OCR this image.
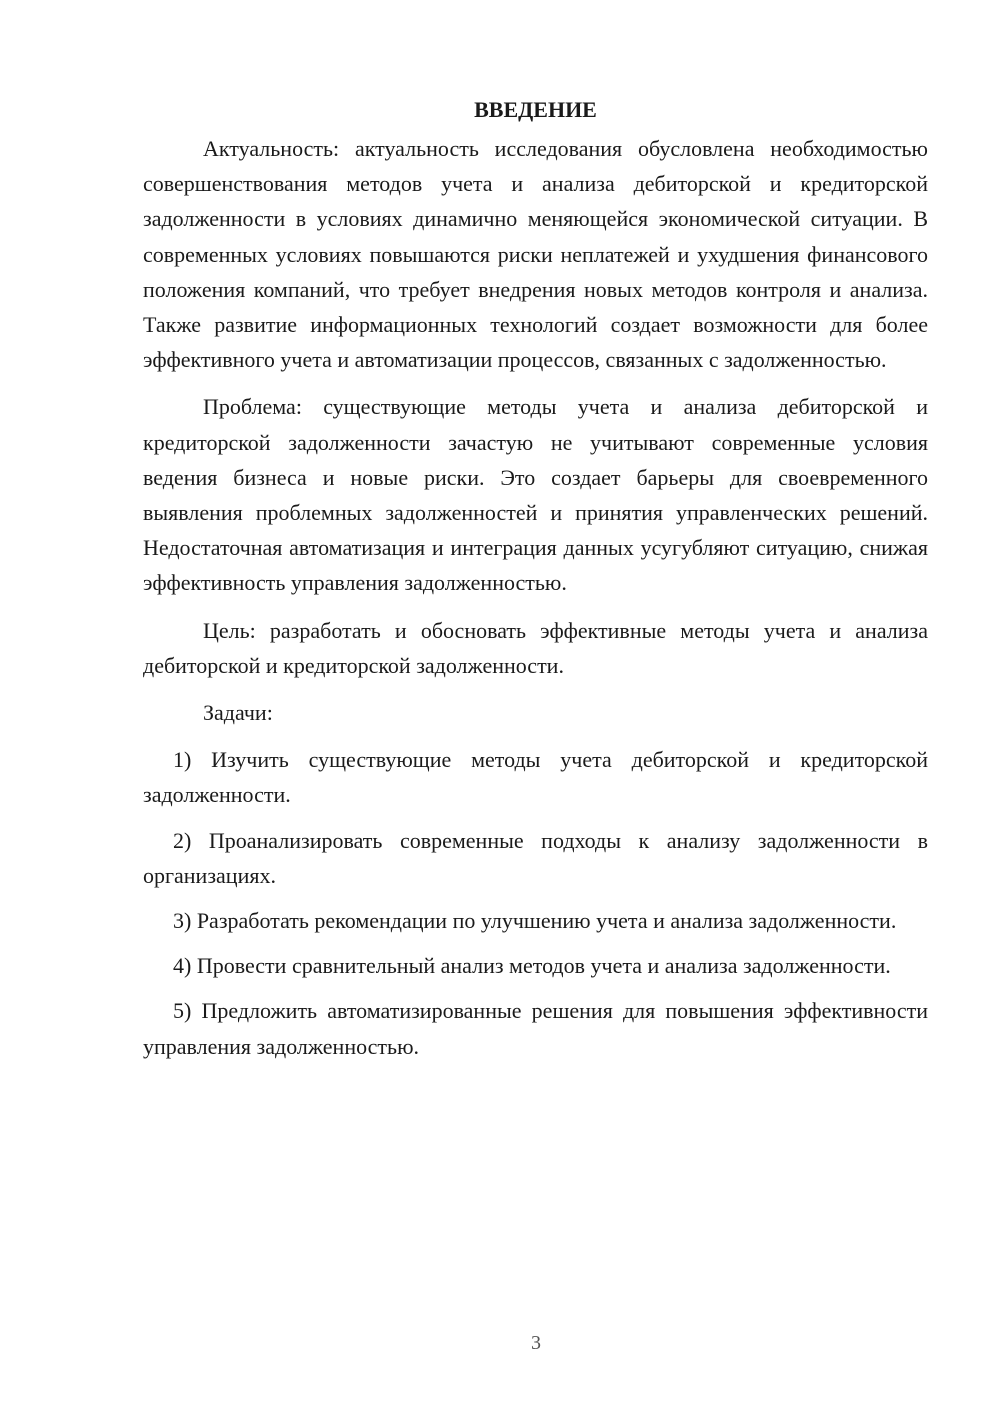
ВВЕДЕНИЕ

Актуальность: актуальность исследования обусловлена необходимостью совершенствования методов учета и анализа дебиторской и кредиторской задолженности в условиях динамично меняющейся экономической ситуации. В современных условиях повышаются риски неплатежей и ухудшения финансового положения компаний, что требует внедрения новых методов контроля и анализа. Также развитие информационных технологий создает возможности для более эффективного учета и автоматизации процессов, связанных с задолженностью.

Проблема: существующие методы учета и анализа дебиторской и кредиторской задолженности зачастую не учитывают современные условия ведения бизнеса и новые риски. Это создает барьеры для своевременного выявления проблемных задолженностей и принятия управленческих решений. Недостаточная автоматизация и интеграция данных усугубляют ситуацию, снижая эффективность управления задолженностью.

Цель: разработать и обосновать эффективные методы учета и анализа дебиторской и кредиторской задолженности.

Задачи:

1) Изучить существующие методы учета дебиторской и кредиторской задолженности.

2) Проанализировать современные подходы к анализу задолженности в организациях.

3) Разработать рекомендации по улучшению учета и анализа задолженности.

4) Провести сравнительный анализ методов учета и анализа задолженности.

5) Предложить автоматизированные решения для повышения эффективности управления задолженностью.

3
